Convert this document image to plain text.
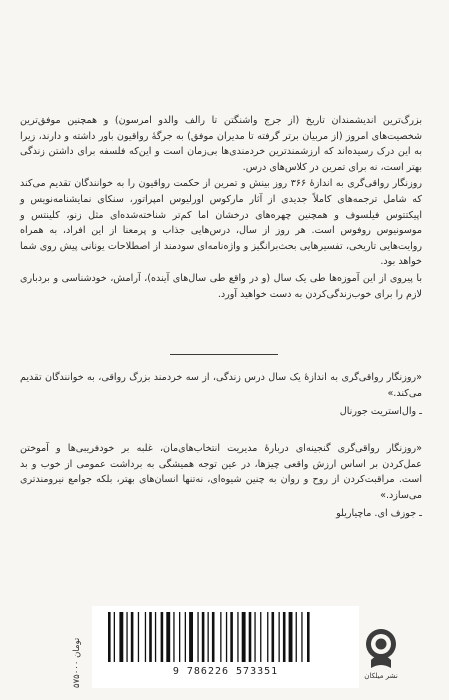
بزرگ‌ترین اندیشمندان تاریخ (از جرج واشنگتن تا رالف والدو امرسون) و همچنین موفق‌ترین شخصیت‌های امروز (از مربیان برتر گرفته تا مدیران موفق) به جرگهٔ رواقیون باور داشته و دارند، زیرا به این درک رسیده‌اند که ارزشمندترین خردمندی‌ها بی‌زمان است و این‌که فلسفه برای داشتن زندگی بهتر است، نه برای تمرین در کلاس‌های درس.

روزنگار رواقی‌گری به اندازهٔ ۳۶۶ روز بینش و تمرین از حکمت رواقیون را به خوانندگان تقدیم می‌کند که شامل ترجمه‌های کاملاً جدیدی از آثار مارکوس اورلیوس امپراتور، سنکای نمایشنامه‌نویس و اپیکتتوس فیلسوف و همچنین چهره‌های درخشان اما کم‌تر شناخته‌شده‌ای مثل زنو، کلینتس و موسونیوس روفوس است. هر روز از سال، درس‌هایی جذاب و پرمعنا از این افراد، به همراه روایت‌هایی تاریخی، تفسیرهایی بحث‌برانگیز و واژه‌نامه‌ای سودمند از اصطلاحات یونانی پیش روی شما خواهد بود.

با پیروی از این آموزه‌ها طی یک سال (و در واقع طی سال‌های آینده)، آرامش، خودشناسی و بردباری لازم را برای خوب‌زندگی‌کردن به دست خواهید آورد.

«روزنگار رواقی‌گری به اندازهٔ یک سال درس زندگی، از سه خردمند بزرگ رواقی، به خوانندگان تقدیم می‌کند.»

ـ وال‌استریت جورنال

«روزنگار رواقی‌گری گنجینه‌ای دربارهٔ مدیریت انتخاب‌های‌مان، غلبه بر خودفریبی‌ها و آموختن عمل‌کردن بر اساس ارزش واقعی چیزها، در عین توجه همیشگی به برداشت عمومی از خوب و بد است. مراقبت‌کردن از روح و روان به چنین شیوه‌ای، نه‌تنها انسان‌های بهتر، بلکه جوامع نیرومندتری می‌سازد.»

ـ جوزف ای. ماچیاریلو

۵۷۵۰۰۰ تومان
9 786226 573351	نشر میلکان
